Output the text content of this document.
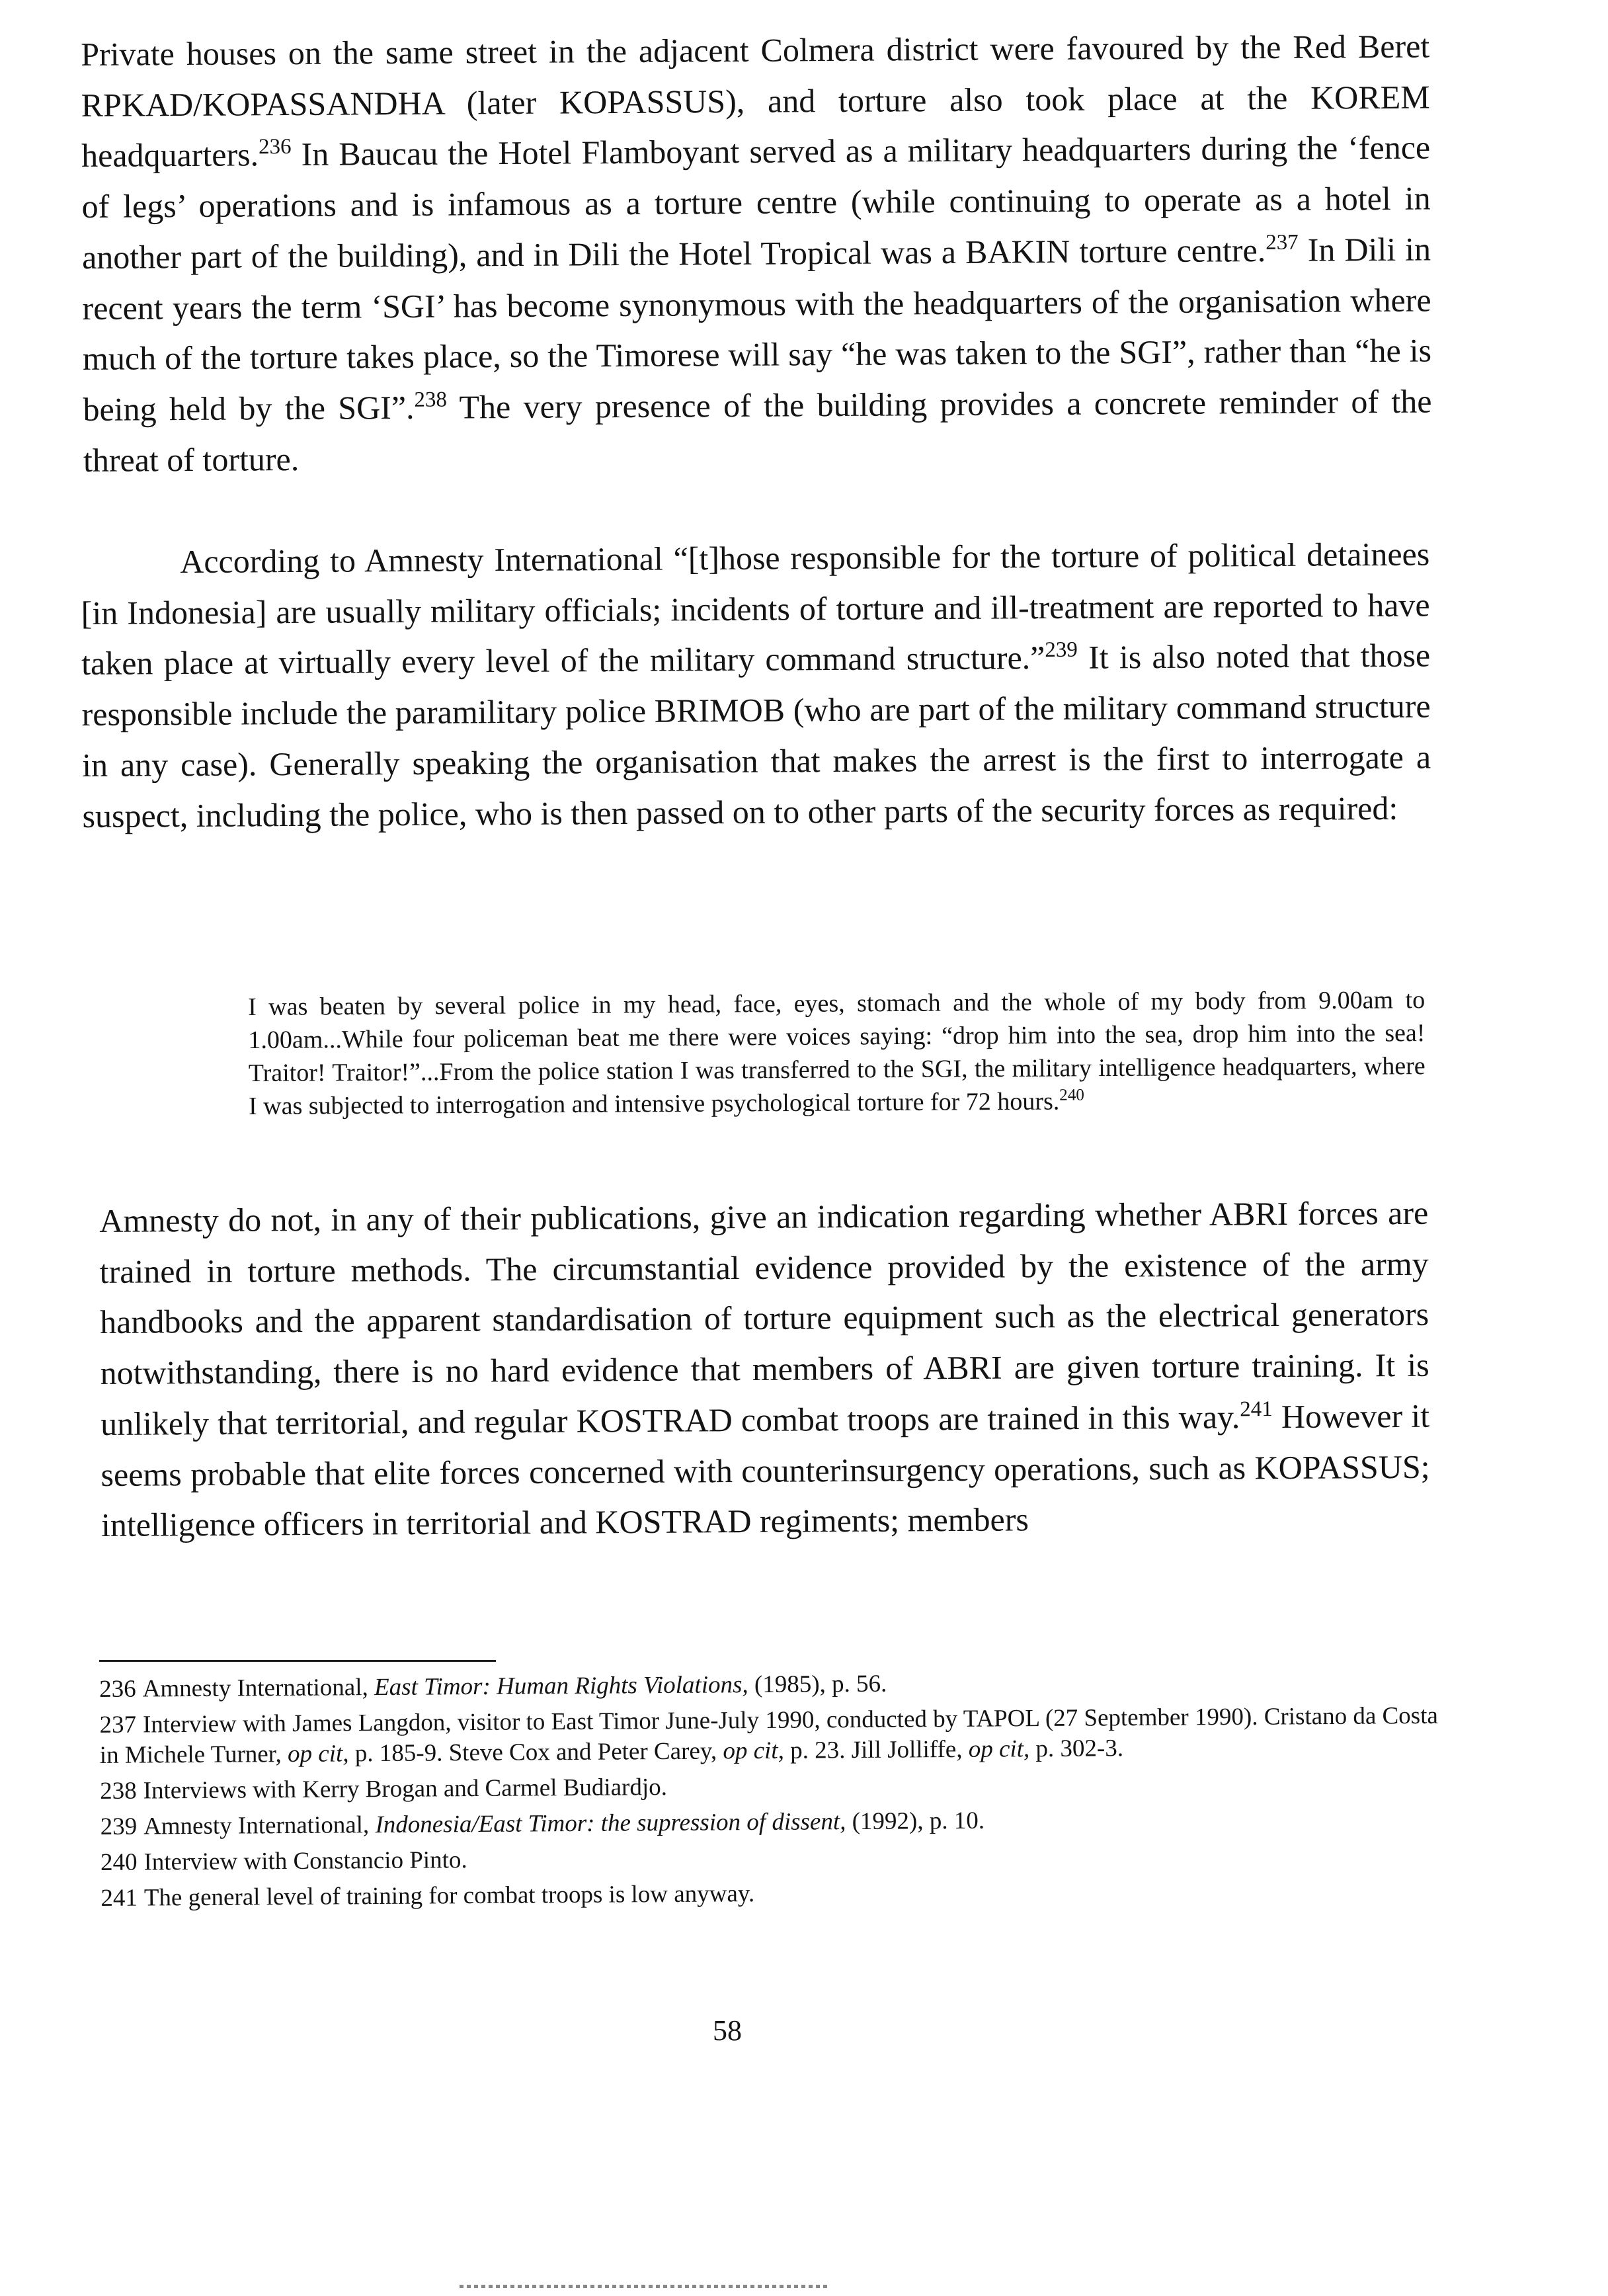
Private houses on the same street in the adjacent Colmera district were favoured by the Red Beret RPKAD/KOPASSANDHA (later KOPASSUS), and torture also took place at the KOREM headquarters.$^{236}$ In Baucau the Hotel Flamboyant served as a military headquarters during the ‘fence of legs’ operations and is infamous as a torture centre (while continuing to operate as a hotel in another part of the building), and in Dili the Hotel Tropical was a BAKIN torture centre.$^{237}$ In Dili in recent years the term ‘SGI’ has become synonymous with the headquarters of the organisation where much of the torture takes place, so the Timorese will say “he was taken to the SGI”, rather than “he is being held by the SGI”.$^{238}$ The very presence of the building provides a concrete reminder of the threat of torture.

According to Amnesty International “[t]hose responsible for the torture of political detainees [in Indonesia] are usually military officials; incidents of torture and ill-treatment are reported to have taken place at virtually every level of the military command structure.”$^{239}$ It is also noted that those responsible include the paramilitary police BRIMOB (who are part of the military command structure in any case). Generally speaking the organisation that makes the arrest is the first to interrogate a suspect, including the police, who is then passed on to other parts of the security forces as required:

I was beaten by several police in my head, face, eyes, stomach and the whole of my body from 9.00am to 1.00am...While four policeman beat me there were voices saying: “drop him into the sea, drop him into the sea! Traitor! Traitor!”...From the police station I was transferred to the SGI, the military intelligence headquarters, where I was subjected to interrogation and intensive psychological torture for 72 hours.$^{240}$

Amnesty do not, in any of their publications, give an indication regarding whether ABRI forces are trained in torture methods. The circumstantial evidence provided by the existence of the army handbooks and the apparent standardisation of torture equipment such as the electrical generators notwithstanding, there is no hard evidence that members of ABRI are given torture training. It is unlikely that territorial, and regular KOSTRAD combat troops are trained in this way.$^{241}$ However it seems probable that elite forces concerned with counterinsurgency operations, such as KOPASSUS; intelligence officers in territorial and KOSTRAD regiments; members

236 Amnesty International, East Timor: Human Rights Violations, (1985), p. 56.

237 Interview with James Langdon, visitor to East Timor June-July 1990, conducted by TAPOL (27 September 1990). Cristano da Costa in Michele Turner, op cit, p. 185-9. Steve Cox and Peter Carey, op cit, p. 23. Jill Jolliffe, op cit, p. 302-3.

238 Interviews with Kerry Brogan and Carmel Budiardjo.

239 Amnesty International, Indonesia/East Timor: the supression of dissent, (1992), p. 10.

240 Interview with Constancio Pinto.

241 The general level of training for combat troops is low anyway.

58
